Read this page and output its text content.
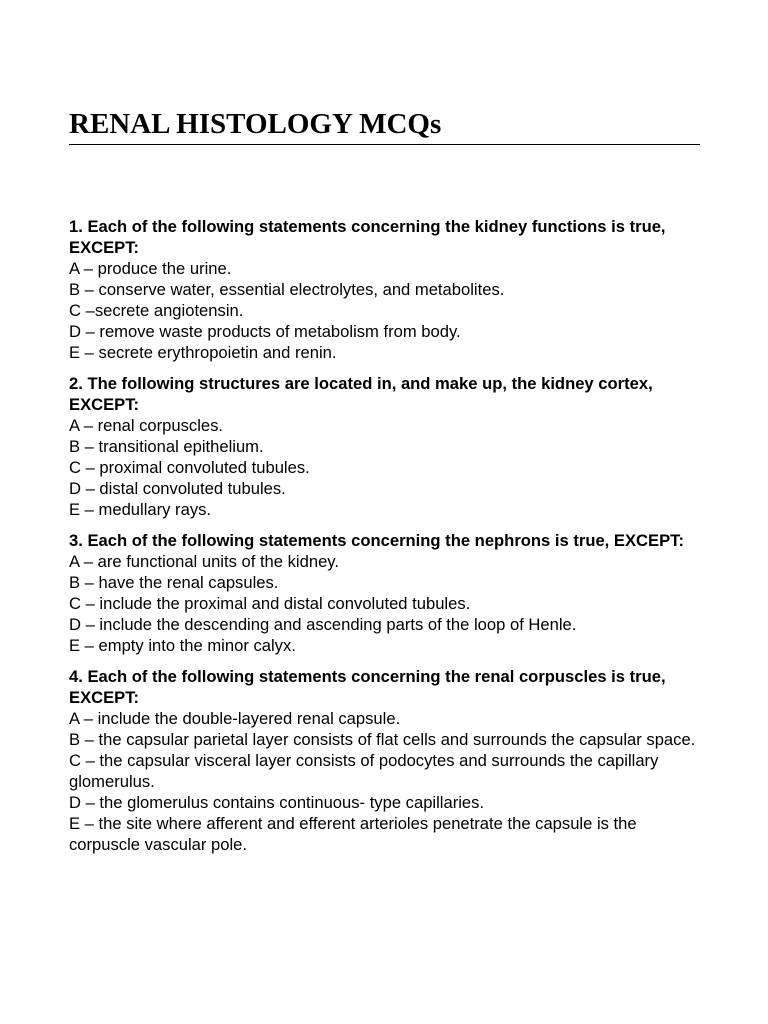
RENAL HISTOLOGY MCQs

1. Each of the following statements concerning the kidney functions is true, EXCEPT:

A – produce the urine.
B – conserve water, essential electrolytes, and metabolites.
C –secrete angiotensin.
D – remove waste products of metabolism from body.
E – secrete erythropoietin and renin.

2. The following structures are located in, and make up, the kidney cortex, EXCEPT:

A – renal corpuscles.
B – transitional epithelium.
C – proximal convoluted tubules.
D – distal convoluted tubules.
E – medullary rays.

3. Each of the following statements concerning the nephrons is true, EXCEPT:

A – are functional units of the kidney.
B – have the renal capsules.
C – include the proximal and distal convoluted tubules.
D – include the descending and ascending parts of the loop of Henle.
E – empty into the minor calyx.

4. Each of the following statements concerning the renal corpuscles is true, EXCEPT:

A – include the double-layered renal capsule.
B – the capsular parietal layer consists of flat cells and surrounds the capsular space.
C – the capsular visceral layer consists of podocytes and surrounds the capillary glomerulus.
D – the glomerulus contains continuous- type capillaries.
E – the site where afferent and efferent arterioles penetrate the capsule is the corpuscle vascular pole.
